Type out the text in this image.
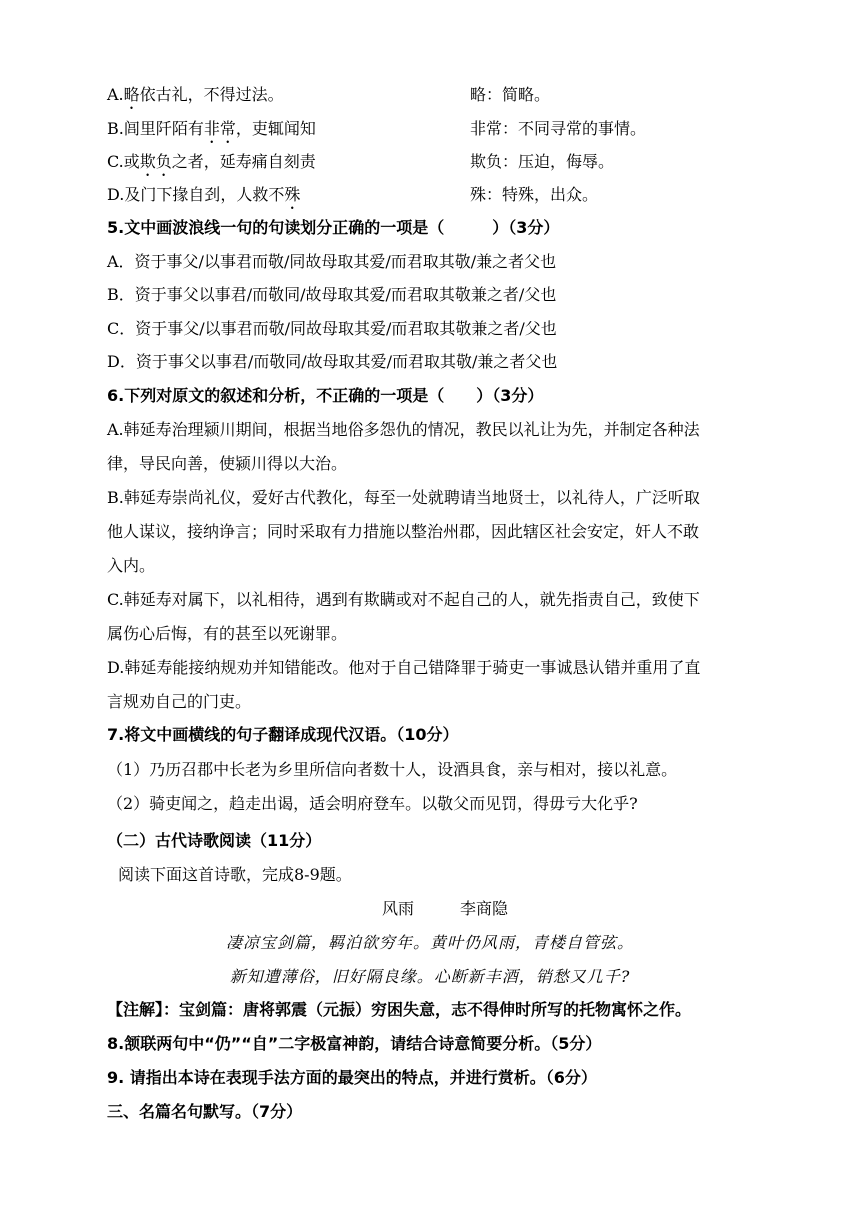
A.略依古礼，不得过法。	略：简略。
B.闾里阡陌有非常，吏辄闻知	非常：不同寻常的事情。
C.或欺负之者，延寿痛自刻责	欺负：压迫，侮辱。
D.及门下掾自刭，人救不殊	殊：特殊，出众。
5.文中画波浪线一句的句读划分正确的一项是（　　　）（3分）
A．资于事父/以事君而敬/同故母取其爱/而君取其敬/兼之者父也
B．资于事父以事君/而敬同/故母取其爱/而君取其敬兼之者/父也
C．资于事父/以事君而敬/同故母取其爱/而君取其敬兼之者/父也
D．资于事父以事君/而敬同/故母取其爱/而君取其敬/兼之者父也
6.下列对原文的叙述和分析，不正确的一项是（　　）（3分）
A.韩延寿治理颍川期间，根据当地俗多怨仇的情况，教民以礼让为先，并制定各种法
律，导民向善，使颍川得以大治。
B.韩延寿崇尚礼仪，爱好古代教化，每至一处就聘请当地贤士，以礼待人，广泛听取
他人谋议，接纳诤言；同时采取有力措施以整治州郡，因此辖区社会安定，奸人不敢
入内。
C.韩延寿对属下，以礼相待，遇到有欺瞒或对不起自己的人，就先指责自己，致使下
属伤心后悔，有的甚至以死谢罪。
D.韩延寿能接纳规劝并知错能改。他对于自己错降罪于骑吏一事诚恳认错并重用了直
言规劝自己的门吏。
7.将文中画横线的句子翻译成现代汉语。（10分）
（1）乃历召郡中长老为乡里所信向者数十人，设酒具食，亲与相对，接以礼意。
（2）骑吏闻之，趋走出谒，适会明府登车。以敬父而见罚，得毋亏大化乎?
（二）古代诗歌阅读（11分）
阅读下面这首诗歌，完成8-9题。
风雨	李商隐
凄凉宝剑篇，羁泊欲穷年。黄叶仍风雨，青楼自管弦。
新知遭薄俗，旧好隔良缘。心断新丰酒，销愁又几千?
【注解】：宝剑篇：唐将郭震（元振）穷困失意，志不得伸时所写的托物寓怀之作。
8.颔联两句中“仍”“自”二字极富神韵，请结合诗意简要分析。（5分）
9. 请指出本诗在表现手法方面的最突出的特点，并进行赏析。（6分）
三、名篇名句默写。（7分）
